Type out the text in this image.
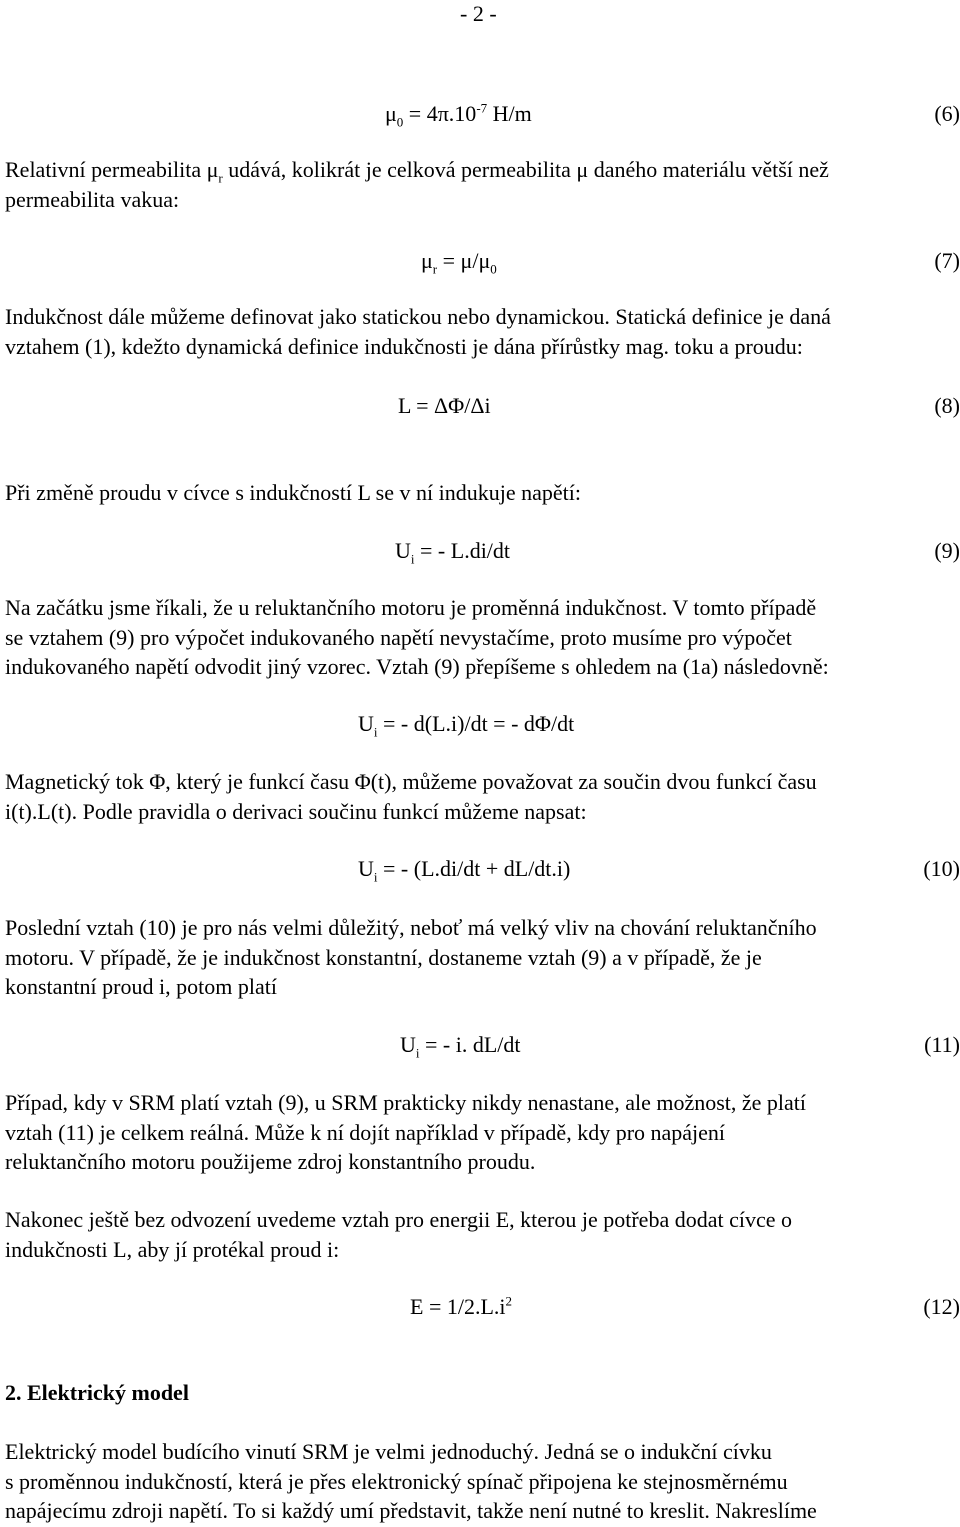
- 2 -
$\mu_0 = 4\pi.10^{-7}$ H/m	(6)
Relativní permeabilita $\mu_r$ udává, kolikrát je celková permeabilita μ daného materiálu větší než
permeabilita vakua:
$\mu_r = \mu/\mu_0$	(7)
Indukčnost dále můžeme definovat jako statickou nebo dynamickou. Statická definice je daná
vztahem (1), kdežto dynamická definice indukčnosti je dána přírůstky mag. toku a proudu:
L = ΔΦ/Δi	(8)
Při změně proudu v cívce s indukčností L se v ní indukuje napětí:
$U_i$ = - L.di/dt	(9)
Na začátku jsme říkali, že u reluktančního motoru je proměnná indukčnost. V tomto případě
se vztahem (9) pro výpočet indukovaného napětí nevystačíme, proto musíme pro výpočet
indukovaného napětí odvodit jiný vzorec. Vztah (9) přepíšeme s ohledem na (1a) následovně:
$U_i$ = - d(L.i)/dt = - dΦ/dt
Magnetický tok Φ, který je funkcí času Φ(t), můžeme považovat za součin dvou funkcí času
i(t).L(t). Podle pravidla o derivaci součinu funkcí můžeme napsat:
$U_i$ = - (L.di/dt + dL/dt.i)	(10)
Poslední vztah (10) je pro nás velmi důležitý, neboť má velký vliv na chování reluktančního
motoru. V případě, že je indukčnost konstantní, dostaneme vztah (9) a v případě, že je
konstantní proud i, potom platí
$U_i$ = - i. dL/dt	(11)
Případ, kdy v SRM platí vztah (9), u SRM prakticky nikdy nenastane, ale možnost, že platí
vztah (11) je celkem reálná. Může k ní dojít například v případě, kdy pro napájení
reluktančního motoru použijeme zdroj konstantního proudu.
Nakonec ještě bez odvození uvedeme vztah pro energii E, kterou je potřeba dodat cívce o
indukčnosti L, aby jí protékal proud i:
$E = 1/2.L.i^2$	(12)
2. Elektrický model
Elektrický model budícího vinutí SRM je velmi jednoduchý. Jedná se o indukční cívku
s proměnnou indukčností, která je přes elektronický spínač připojena ke stejnosměrnému
napájecímu zdroji napětí. To si každý umí představit, takže není nutné to kreslit. Nakreslíme
